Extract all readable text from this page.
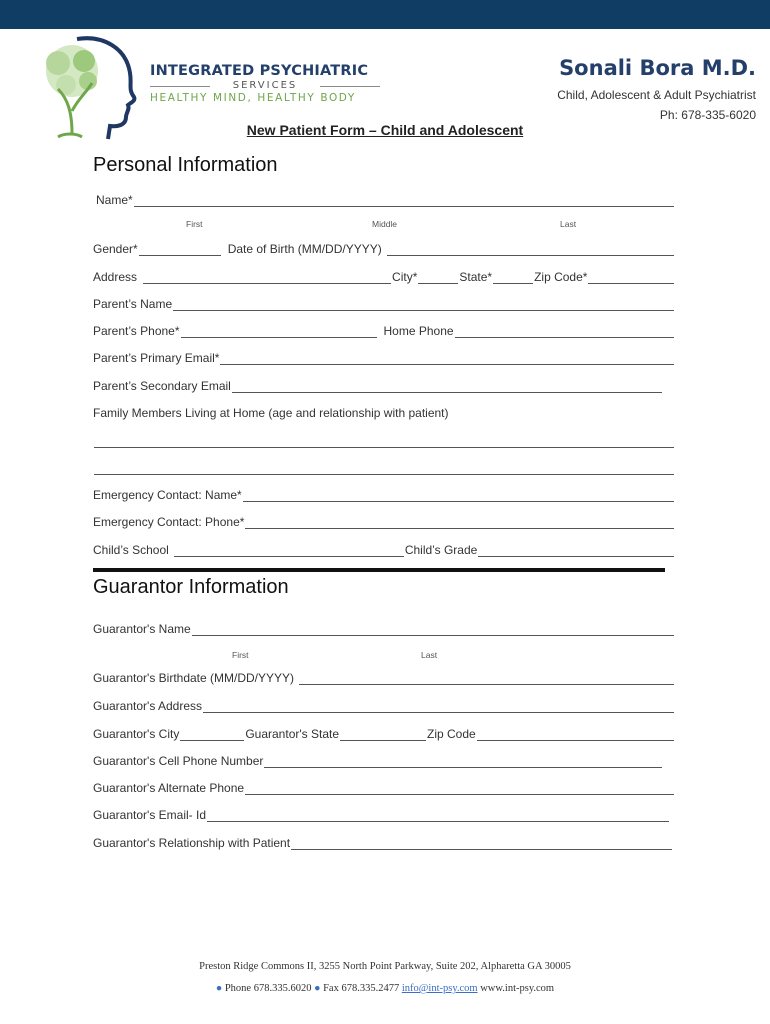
INTEGRATED PSYCHIATRIC
SERVICES
HEALTHY MIND, HEALTHY BODY
Sonali Bora M.D.
Child, Adolescent & Adult Psychiatrist
Ph: 678-335-6020
New Patient Form – Child and Adolescent
Personal Information
Name*
First	Middle	Last
Gender*	Date of Birth (MM/DD/YYYY)
Address	City*	State*	Zip Code*
Parent’s Name
Parent’s Phone*	Home Phone
Parent’s Primary Email*
Parent’s Secondary Email
Family Members Living at Home (age and relationship with patient)
Emergency Contact: Name*
Emergency Contact: Phone*
Child’s School	Child’s Grade
Guarantor Information
Guarantor's Name
First	Last
Guarantor's Birthdate (MM/DD/YYYY)
Guarantor's Address
Guarantor's City	Guarantor's State	Zip Code
Guarantor's Cell Phone Number
Guarantor's Alternate Phone
Guarantor's Email- Id
Guarantor's Relationship with Patient
Preston Ridge Commons II, 3255 North Point Parkway, Suite 202, Alpharetta GA 30005
● Phone 678.335.6020 ● Fax 678.335.2477 info@int-psy.com www.int-psy.com
